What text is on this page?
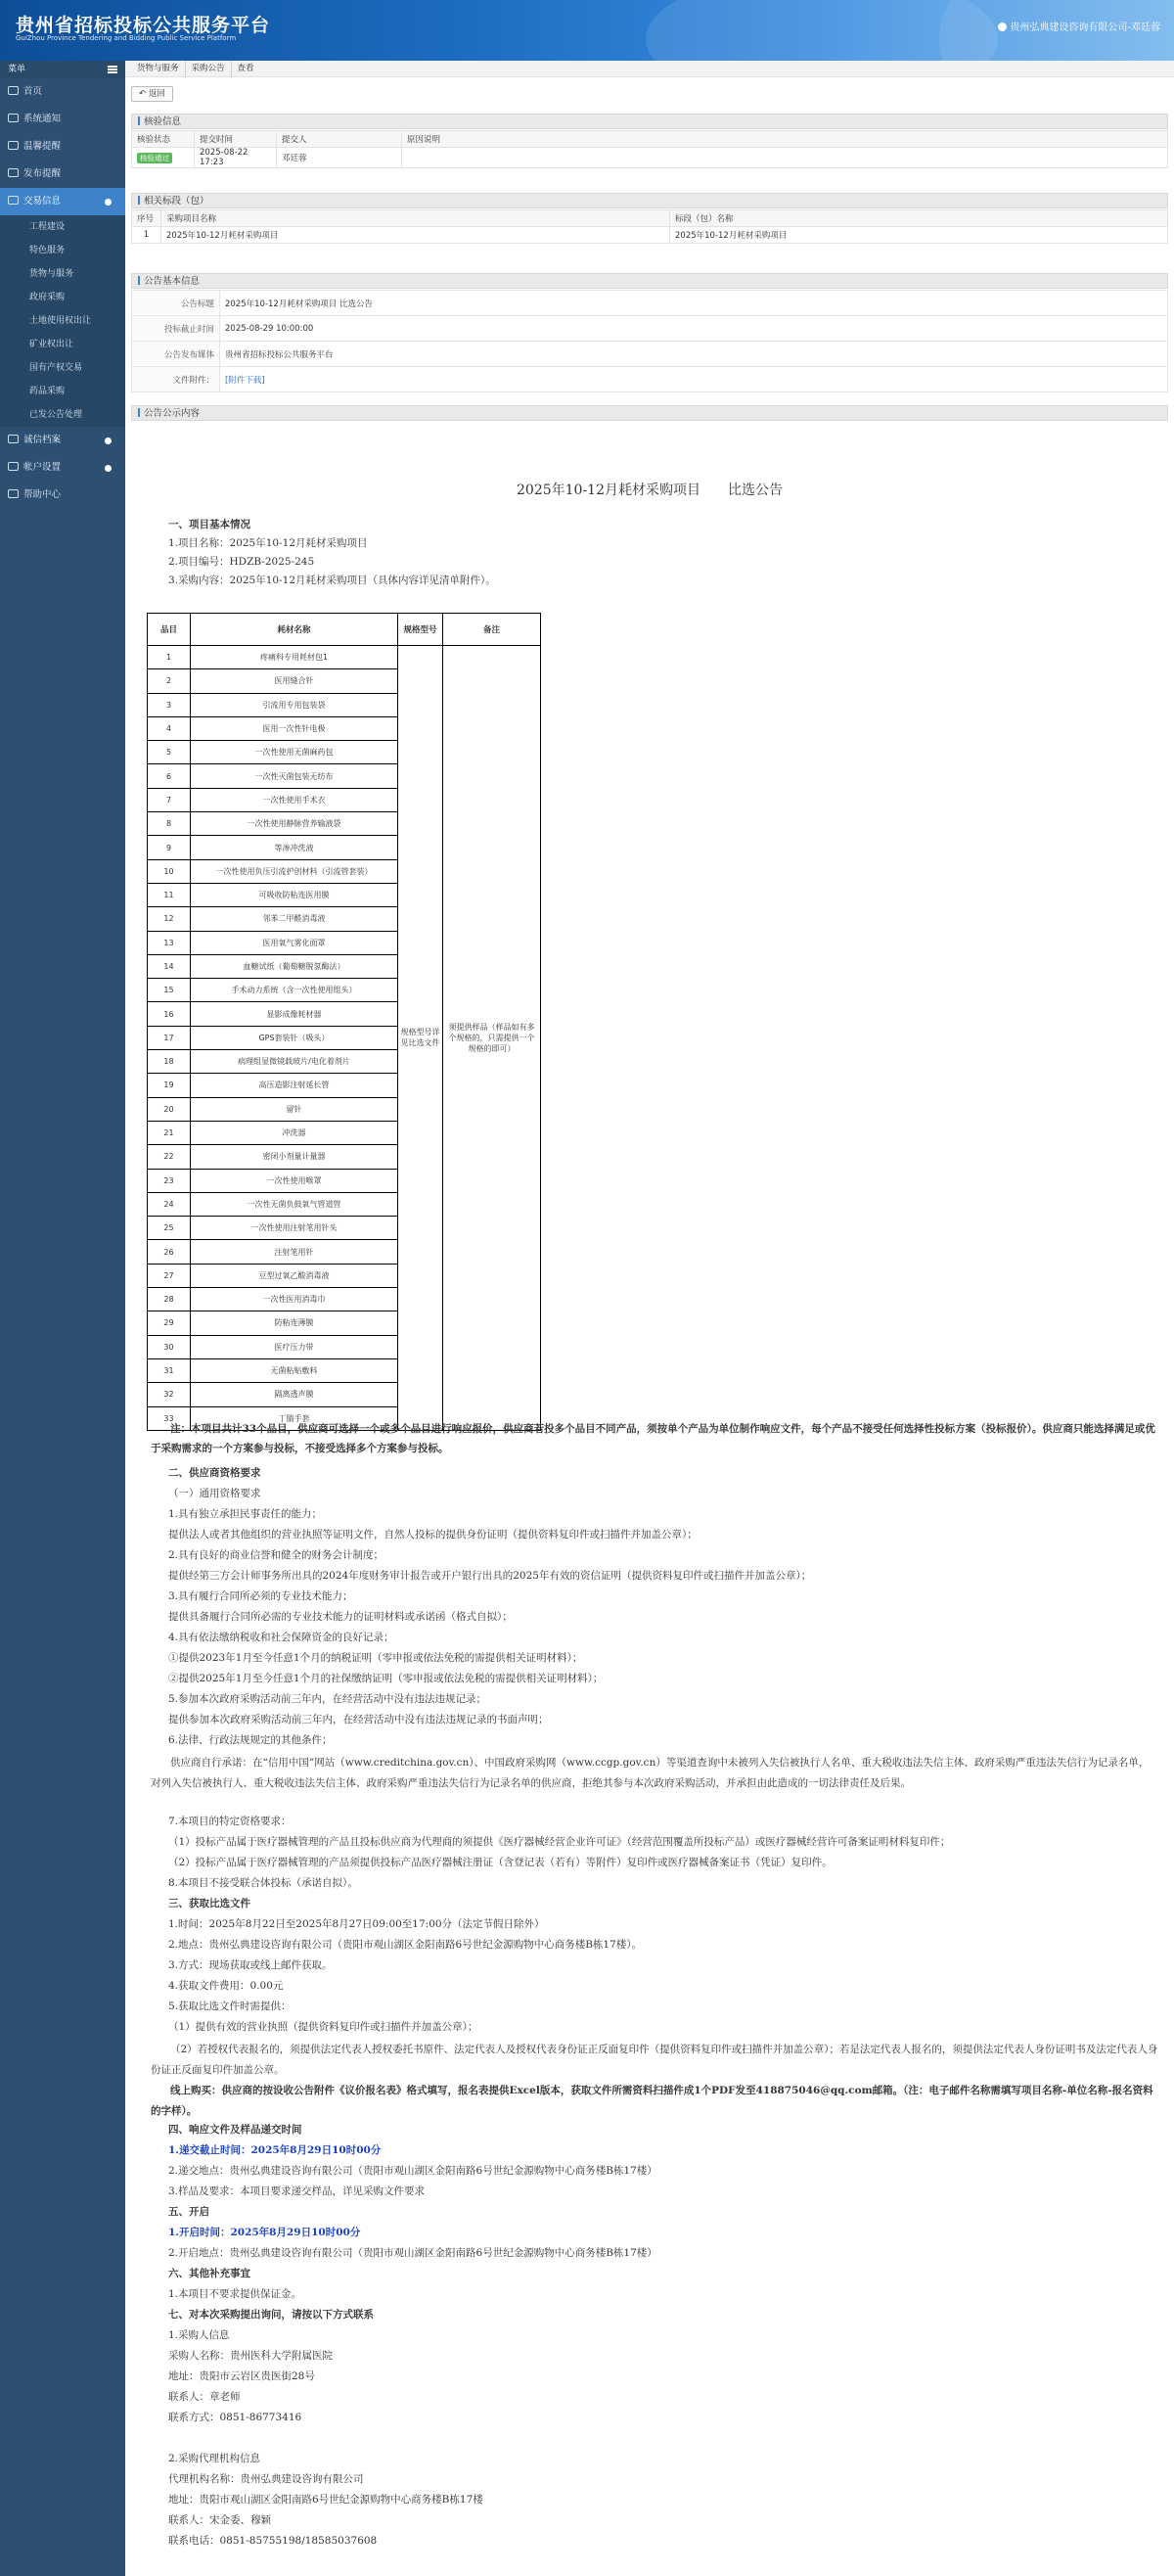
贵州省招标投标公共服务平台
GuiZhou Province Tendering and Bidding Public Service Platform
贵州弘典建设咨询有限公司-邓廷蓉
菜单
首页
系统通知
温馨提醒
发布提醒
交易信息
工程建设
特色服务
货物与服务
政府采购
土地使用权出让
矿业权出让
国有产权交易
药品采购
已发公告处理
诚信档案
帐户设置
帮助中心
货物与服务 采购公告 查看
↶ 返回
核验信息
核验状态	提交时间	提交人	原因说明
核验通过	2025-08-22 17:23	邓廷蓉	
相关标段（包）
序号	采购项目名称	标段（包）名称
1	2025年10-12月耗材采购项目	2025年10-12月耗材采购项目
公告基本信息
公告标题	2025年10-12月耗材采购项目 比选公告
投标截止时间	2025-08-29 10:00:00
公告发布媒体	贵州省招标投标公共服务平台
文件附件：	[附件下载]
公告公示内容
2025年10-12月耗材采购项目　　比选公告

一、项目基本情况

1.项目名称：2025年10-12月耗材采购项目

2.项目编号：HDZB-2025-245

3.采购内容：2025年10-12月耗材采购项目（具体内容详见清单附件）。

品目	耗材名称	规格型号	备注
1	疼痛科专用耗材包1	规格型号详见比选文件	须提供样品（样品如有多个规格的，只需提供一个规格的即可）
2	医用缝合针		
3	引流用专用包装袋		
4	医用一次性针电极		
5	一次性使用无菌麻药包		
6	一次性灭菌包装无纺布		
7	一次性使用手术衣		
8	一次性使用静脉营养输液袋		
9	等渗冲洗液		
10	一次性使用负压引流护创材料（引流管套装）		
11	可吸收防粘连医用膜		
12	邻苯二甲醛消毒液		
13	医用氧气雾化面罩		
14	血糖试纸（葡萄糖脱氢酶法）		
15	手术动力系统（含一次性使用组头）		
16	显影成像耗材器		
17	GPS套装针（吸头）		
18	病理组显微镜载玻片/电化着剂片		
19	高压造影注射延长管		
20	留针		
21	冲洗器		
22	密闭小剂量计量器		
23	一次性使用喉罩		
24	一次性无菌负鼓氧气管道管		
25	一次性使用注射笔用针头		
26	注射笔用针		
27	豆型过氧乙酸消毒液		
28	一次性医用消毒巾		
29	防粘连薄膜		
30	医疗压力带		
31	无菌粘贴敷料		
32	隔离透声膜		
33	丁腈手套		

注：本项目共计33个品目，供应商可选择一个或多个品目进行响应报价，供应商若投多个品目不同产品，须按单个产品为单位制作响应文件，每个产品不接受任何选择性投标方案（投标报价）。供应商只能选择满足或优于采购需求的一个方案参与投标，不接受选择多个方案参与投标。

二、供应商资格要求

（一）通用资格要求

1.具有独立承担民事责任的能力；

提供法人或者其他组织的营业执照等证明文件，自然人投标的提供身份证明（提供资料复印件或扫描件并加盖公章）；

2.具有良好的商业信誉和健全的财务会计制度；

提供经第三方会计师事务所出具的2024年度财务审计报告或开户银行出具的2025年有效的资信证明（提供资料复印件或扫描件并加盖公章）；

3.具有履行合同所必须的专业技术能力；

提供具备履行合同所必需的专业技术能力的证明材料或承诺函（格式自拟）；

4.具有依法缴纳税收和社会保障资金的良好记录；

①提供2023年1月至今任意1个月的纳税证明（零申报或依法免税的需提供相关证明材料）；

②提供2025年1月至今任意1个月的社保缴纳证明（零申报或依法免税的需提供相关证明材料）；

5.参加本次政府采购活动前三年内，在经营活动中没有违法违规记录；

提供参加本次政府采购活动前三年内，在经营活动中没有违法违规记录的书面声明；

6.法律、行政法规规定的其他条件；

供应商自行承诺：在“信用中国”网站（www.creditchina.gov.cn）、中国政府采购网（www.ccgp.gov.cn）等渠道查询中未被列入失信被执行人名单、重大税收违法失信主体、政府采购严重违法失信行为记录名单，对列入失信被执行人、重大税收违法失信主体、政府采购严重违法失信行为记录名单的供应商，拒绝其参与本次政府采购活动，并承担由此造成的一切法律责任及后果。

7.本项目的特定资格要求：

（1）投标产品属于医疗器械管理的产品且投标供应商为代理商的须提供《医疗器械经营企业许可证》（经营范围覆盖所投标产品）或医疗器械经营许可备案证明材料复印件；

（2）投标产品属于医疗器械管理的产品须提供投标产品医疗器械注册证（含登记表（若有）等附件）复印件或医疗器械备案证书（凭证）复印件。

8.本项目不接受联合体投标（承诺自拟）。

三、获取比选文件

1.时间：2025年8月22日至2025年8月27日09:00至17:00分（法定节假日除外）

2.地点：贵州弘典建设咨询有限公司（贵阳市观山湖区金阳南路6号世纪金源购物中心商务楼B栋17楼）。

3.方式：现场获取或线上邮件获取。

4.获取文件费用：0.00元

5.获取比选文件时需提供：

（1）提供有效的营业执照（提供资料复印件或扫描件并加盖公章）；

（2）若授权代表报名的，须提供法定代表人授权委托书原件、法定代表人及授权代表身份证正反面复印件（提供资料复印件或扫描件并加盖公章）；若是法定代表人报名的，须提供法定代表人身份证明书及法定代表人身份证正反面复印件加盖公章。

线上购买：供应商的按设收公告附件《议价报名表》格式填写，报名表提供Excel版本，获取文件所需资料扫描件成1个PDF发至418875046@qq.com邮箱。（注：电子邮件名称需填写项目名称-单位名称-报名资料的字样）。

四、响应文件及样品递交时间

1.递交截止时间：2025年8月29日10时00分

2.递交地点：贵州弘典建设咨询有限公司（贵阳市观山湖区金阳南路6号世纪金源购物中心商务楼B栋17楼）

3.样品及要求：本项目要求递交样品，详见采购文件要求

五、开启

1.开启时间：2025年8月29日10时00分

2.开启地点：贵州弘典建设咨询有限公司（贵阳市观山湖区金阳南路6号世纪金源购物中心商务楼B栋17楼）

六、其他补充事宜

1.本项目不要求提供保证金。

七、对本次采购提出询问，请按以下方式联系

1.采购人信息

采购人名称：贵州医科大学附属医院

地址：贵阳市云岩区贵医街28号

联系人：章老师

联系方式：0851-86773416

2.采购代理机构信息

代理机构名称：贵州弘典建设咨询有限公司

地址：贵阳市观山湖区金阳南路6号世纪金源购物中心商务楼B栋17楼

联系人：宋金委、穆颖

联系电话：0851-85755198/18585037608
